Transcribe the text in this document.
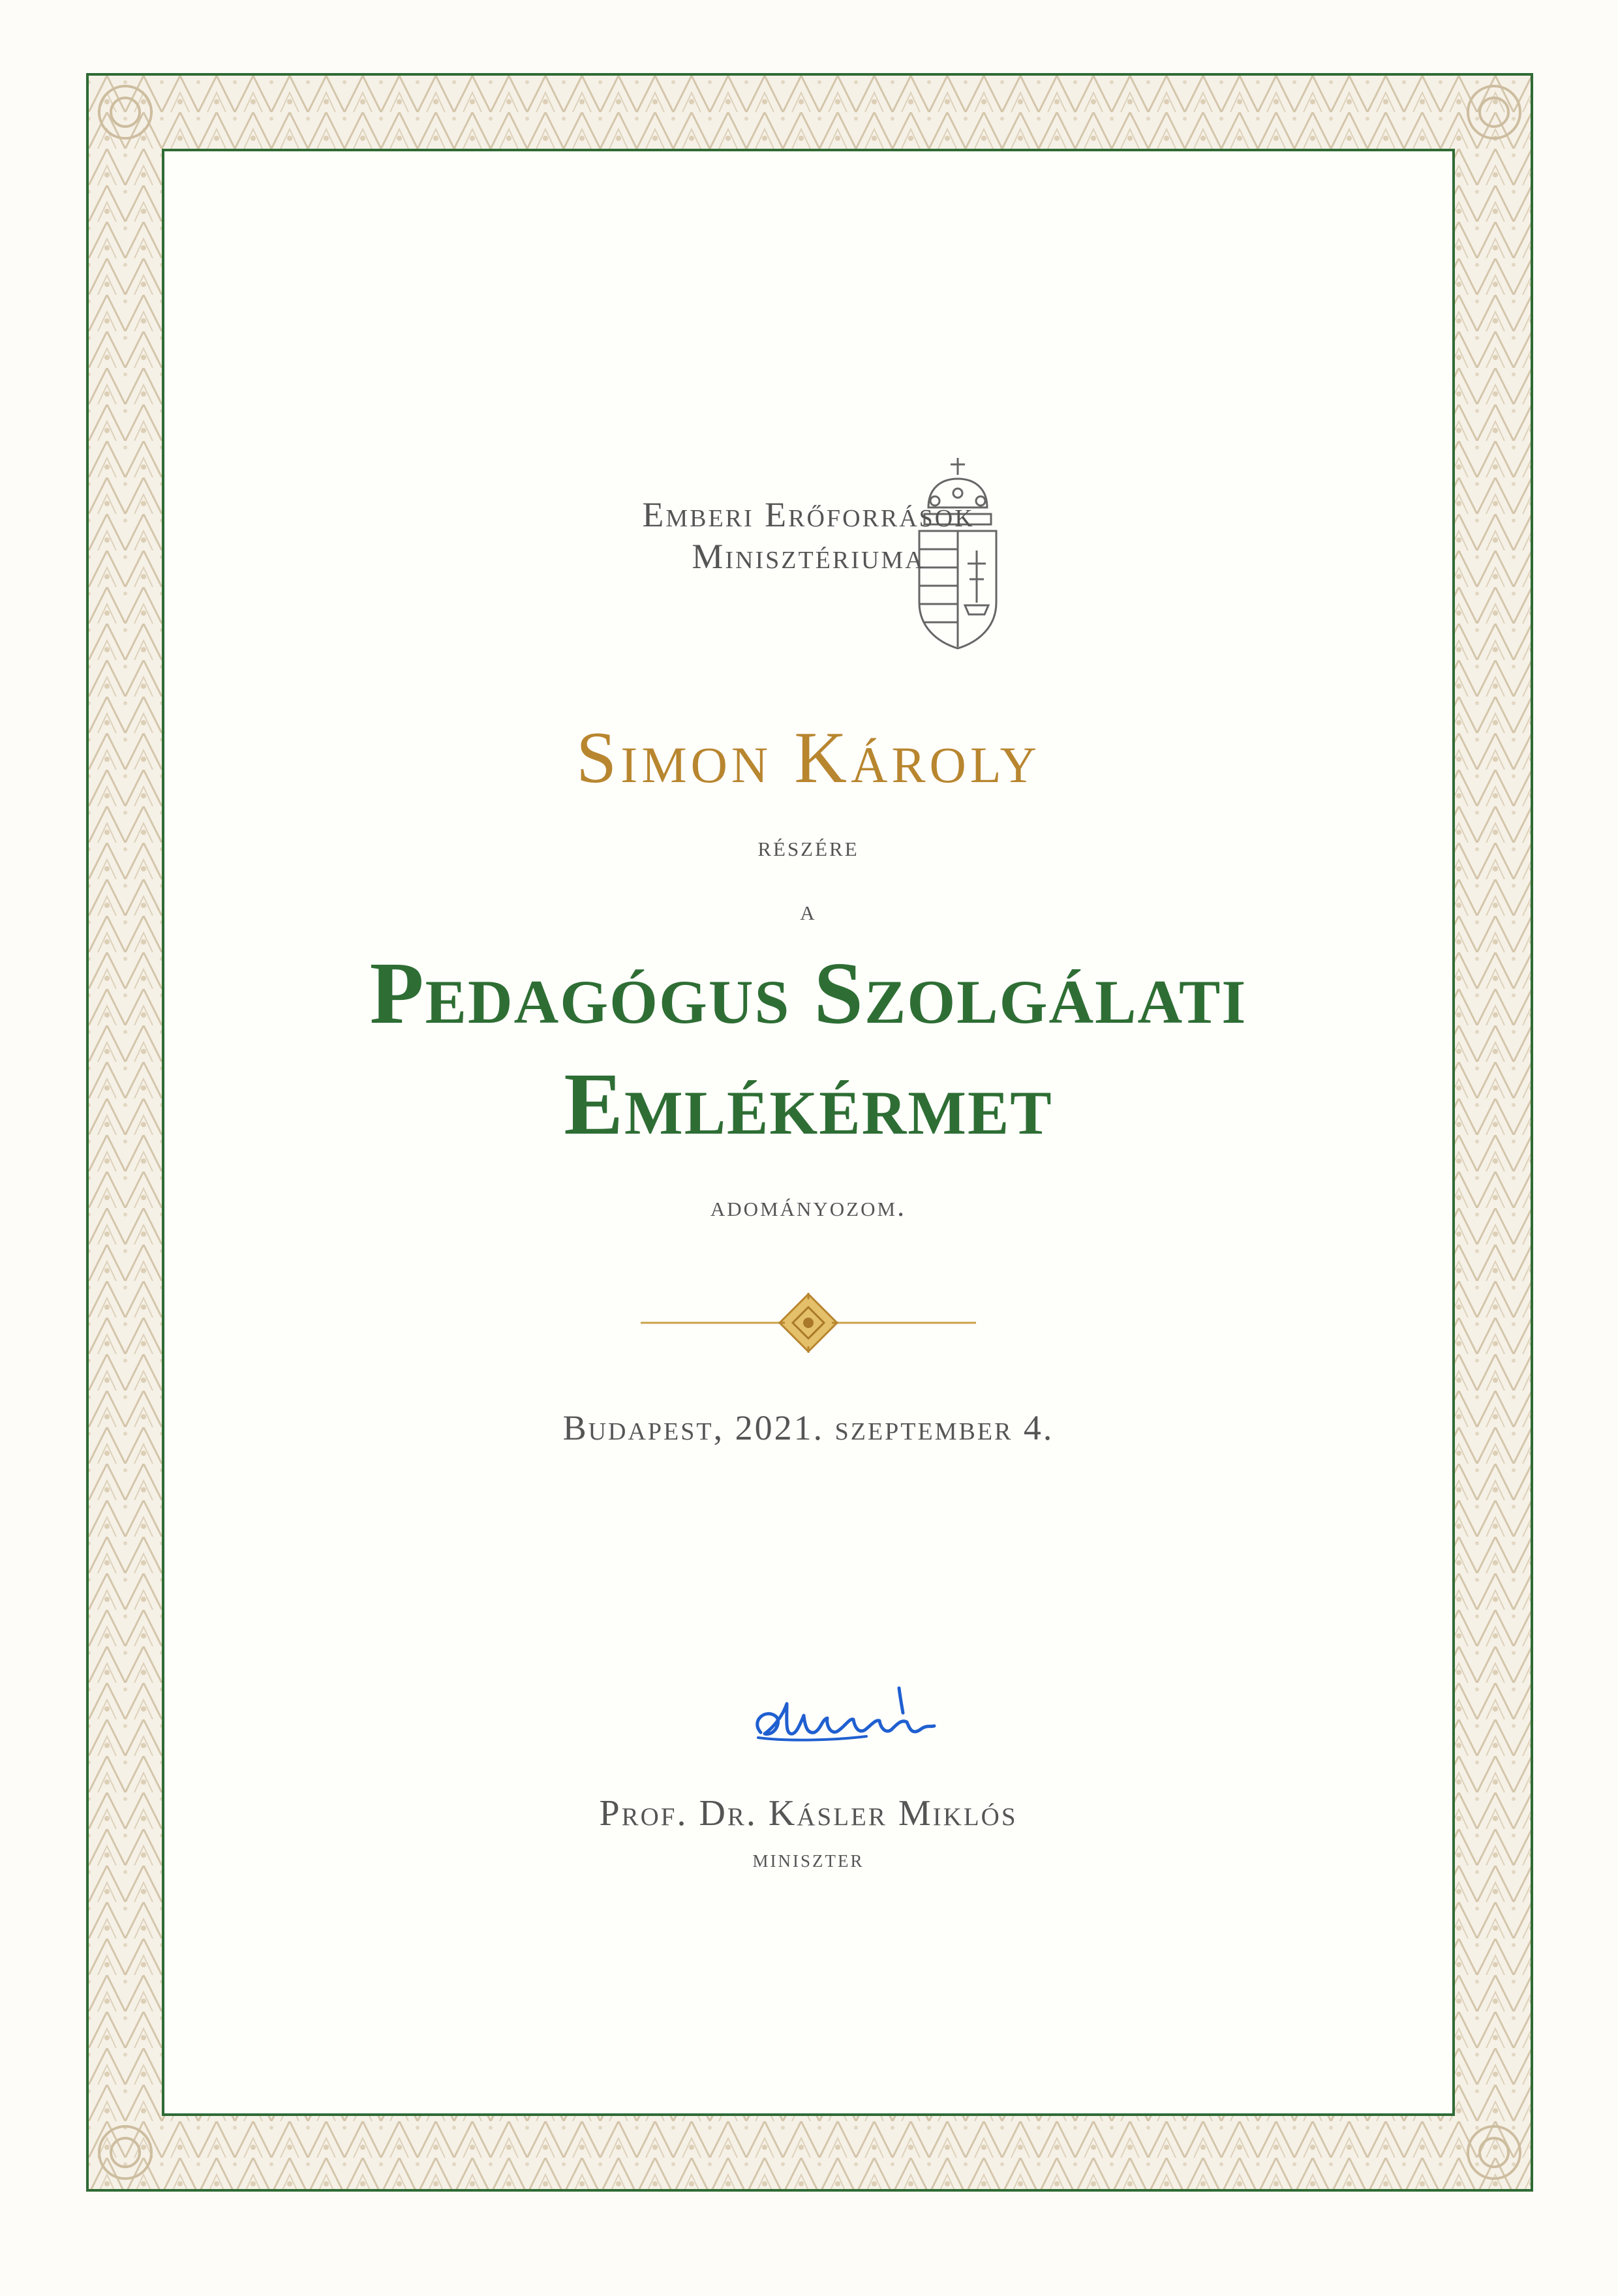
Emberi Erőforrások
Minisztériuma
Simon Károly
részére
a
Pedagógus Szolgálati
Emlékérmet
adományozom.
Budapest, 2021. szeptember 4.
Prof. Dr. Kásler Miklós
miniszter
